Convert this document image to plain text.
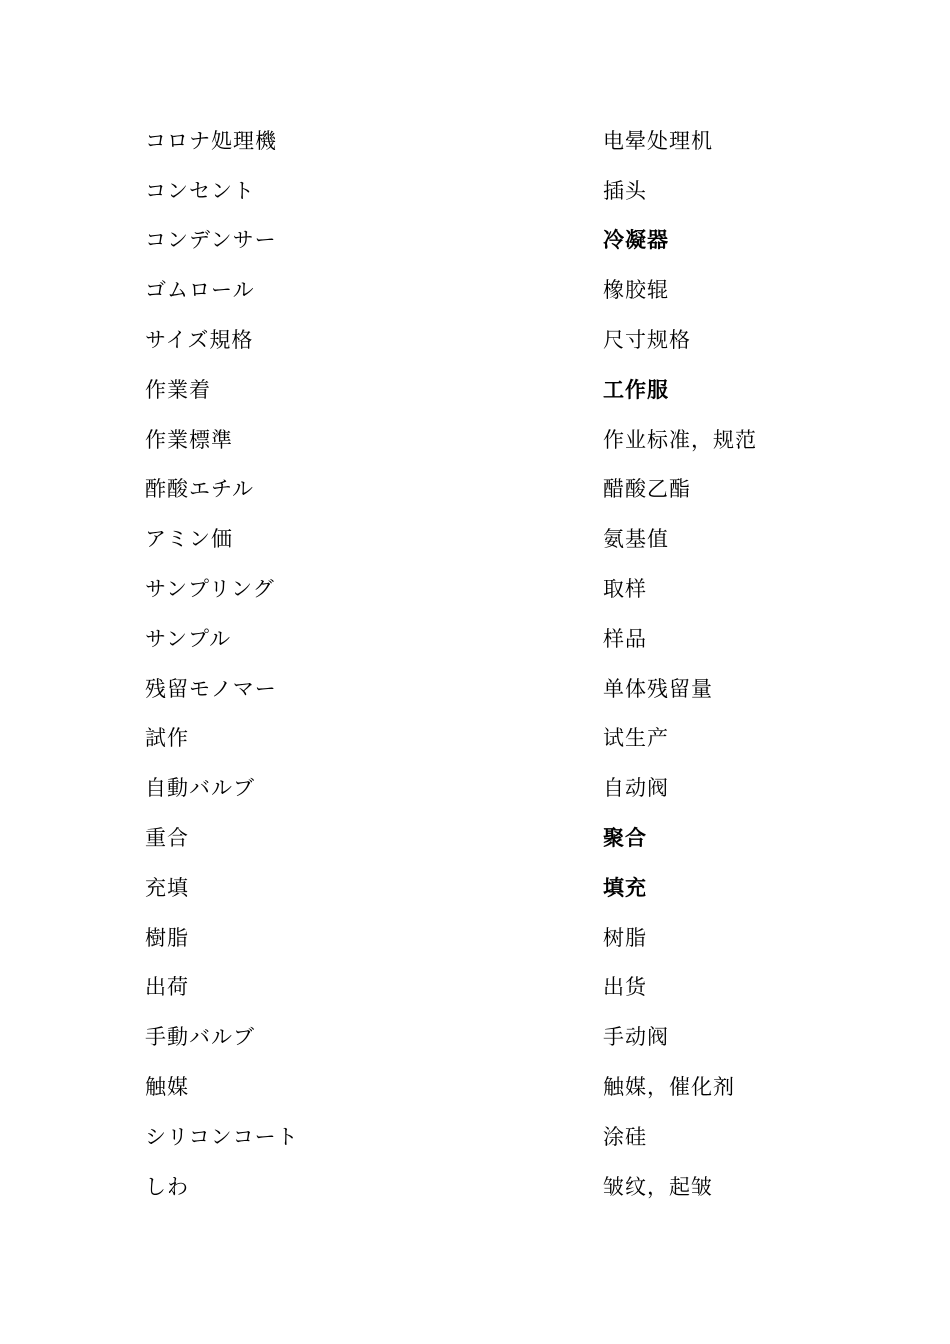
コロナ処理機	电晕处理机
コンセント	插头
コンデンサー	冷凝器
ゴムロール	橡胶辊
サイズ規格	尺寸规格
作業着	工作服
作業標準	作业标准，规范
酢酸エチル	醋酸乙酯
アミン価	氨基值
サンプリング	取样
サンプル	样品
残留モノマー	单体残留量
試作	试生产
自動バルブ	自动阀
重合	聚合
充填	填充
樹脂	树脂
出荷	出货
手動バルブ	手动阀
触媒	触媒，催化剂
シリコンコート	涂硅
しわ	皱纹，起皱
